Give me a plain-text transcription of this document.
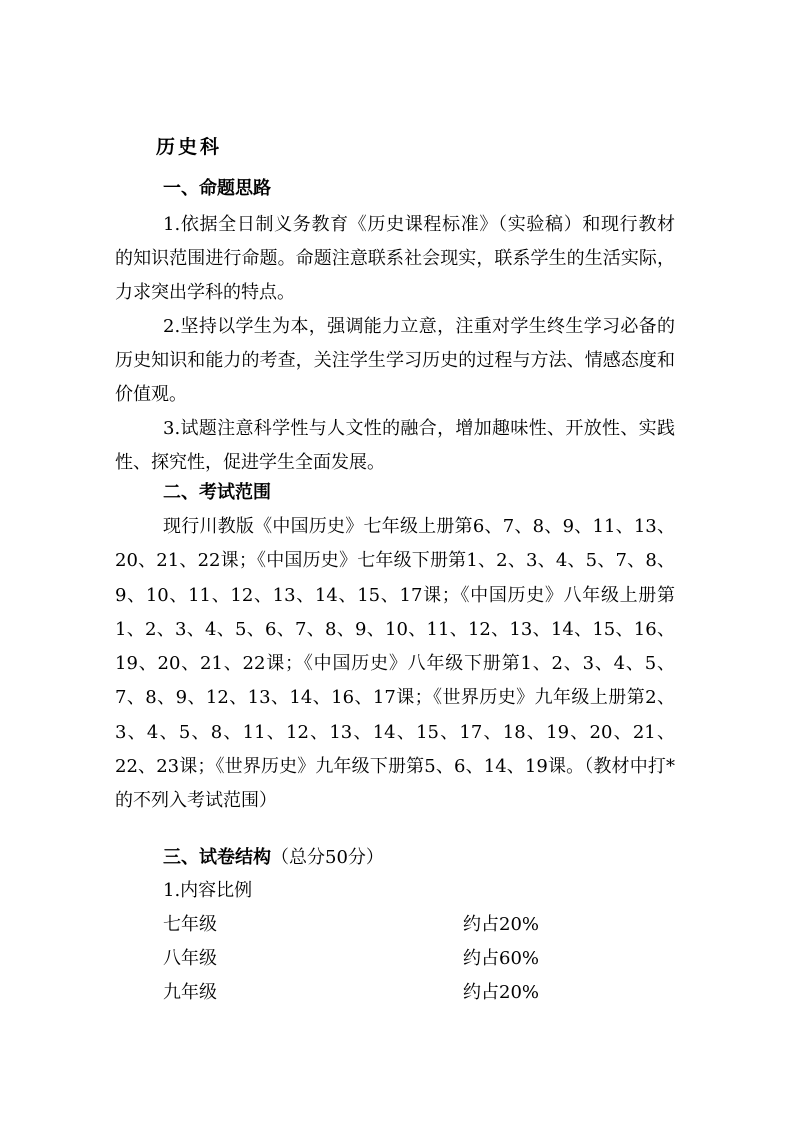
历史科
一、命题思路

1.依据全日制义务教育《历史课程标准》（实验稿）和现行教材的知识范围进行命题。命题注意联系社会现实，联系学生的生活实际，力求突出学科的特点。

2.坚持以学生为本，强调能力立意，注重对学生终生学习必备的历史知识和能力的考查，关注学生学习历史的过程与方法、情感态度和价值观。

3.试题注意科学性与人文性的融合，增加趣味性、开放性、实践性、探究性，促进学生全面发展。

二、考试范围

现行川教版《中国历史》七年级上册第6、7、8、9、11、13、20、21、22课；《中国历史》七年级下册第1、2、3、4、5、7、8、9、10、11、12、13、14、15、17课；《中国历史》八年级上册第1、2、3、4、5、6、7、8、9、10、11、12、13、14、15、16、19、20、21、22课；《中国历史》八年级下册第1、2、3、4、5、7、8、9、12、13、14、16、17课；《世界历史》九年级上册第2、3、4、5、8、11、12、13、14、15、17、18、19、20、21、22、23课；《世界历史》九年级下册第5、6、14、19课。（教材中打*的不列入考试范围）

三、试卷结构（总分50分）

1.内容比例

七年级	约占20%
八年级	约占60%
九年级	约占20%
